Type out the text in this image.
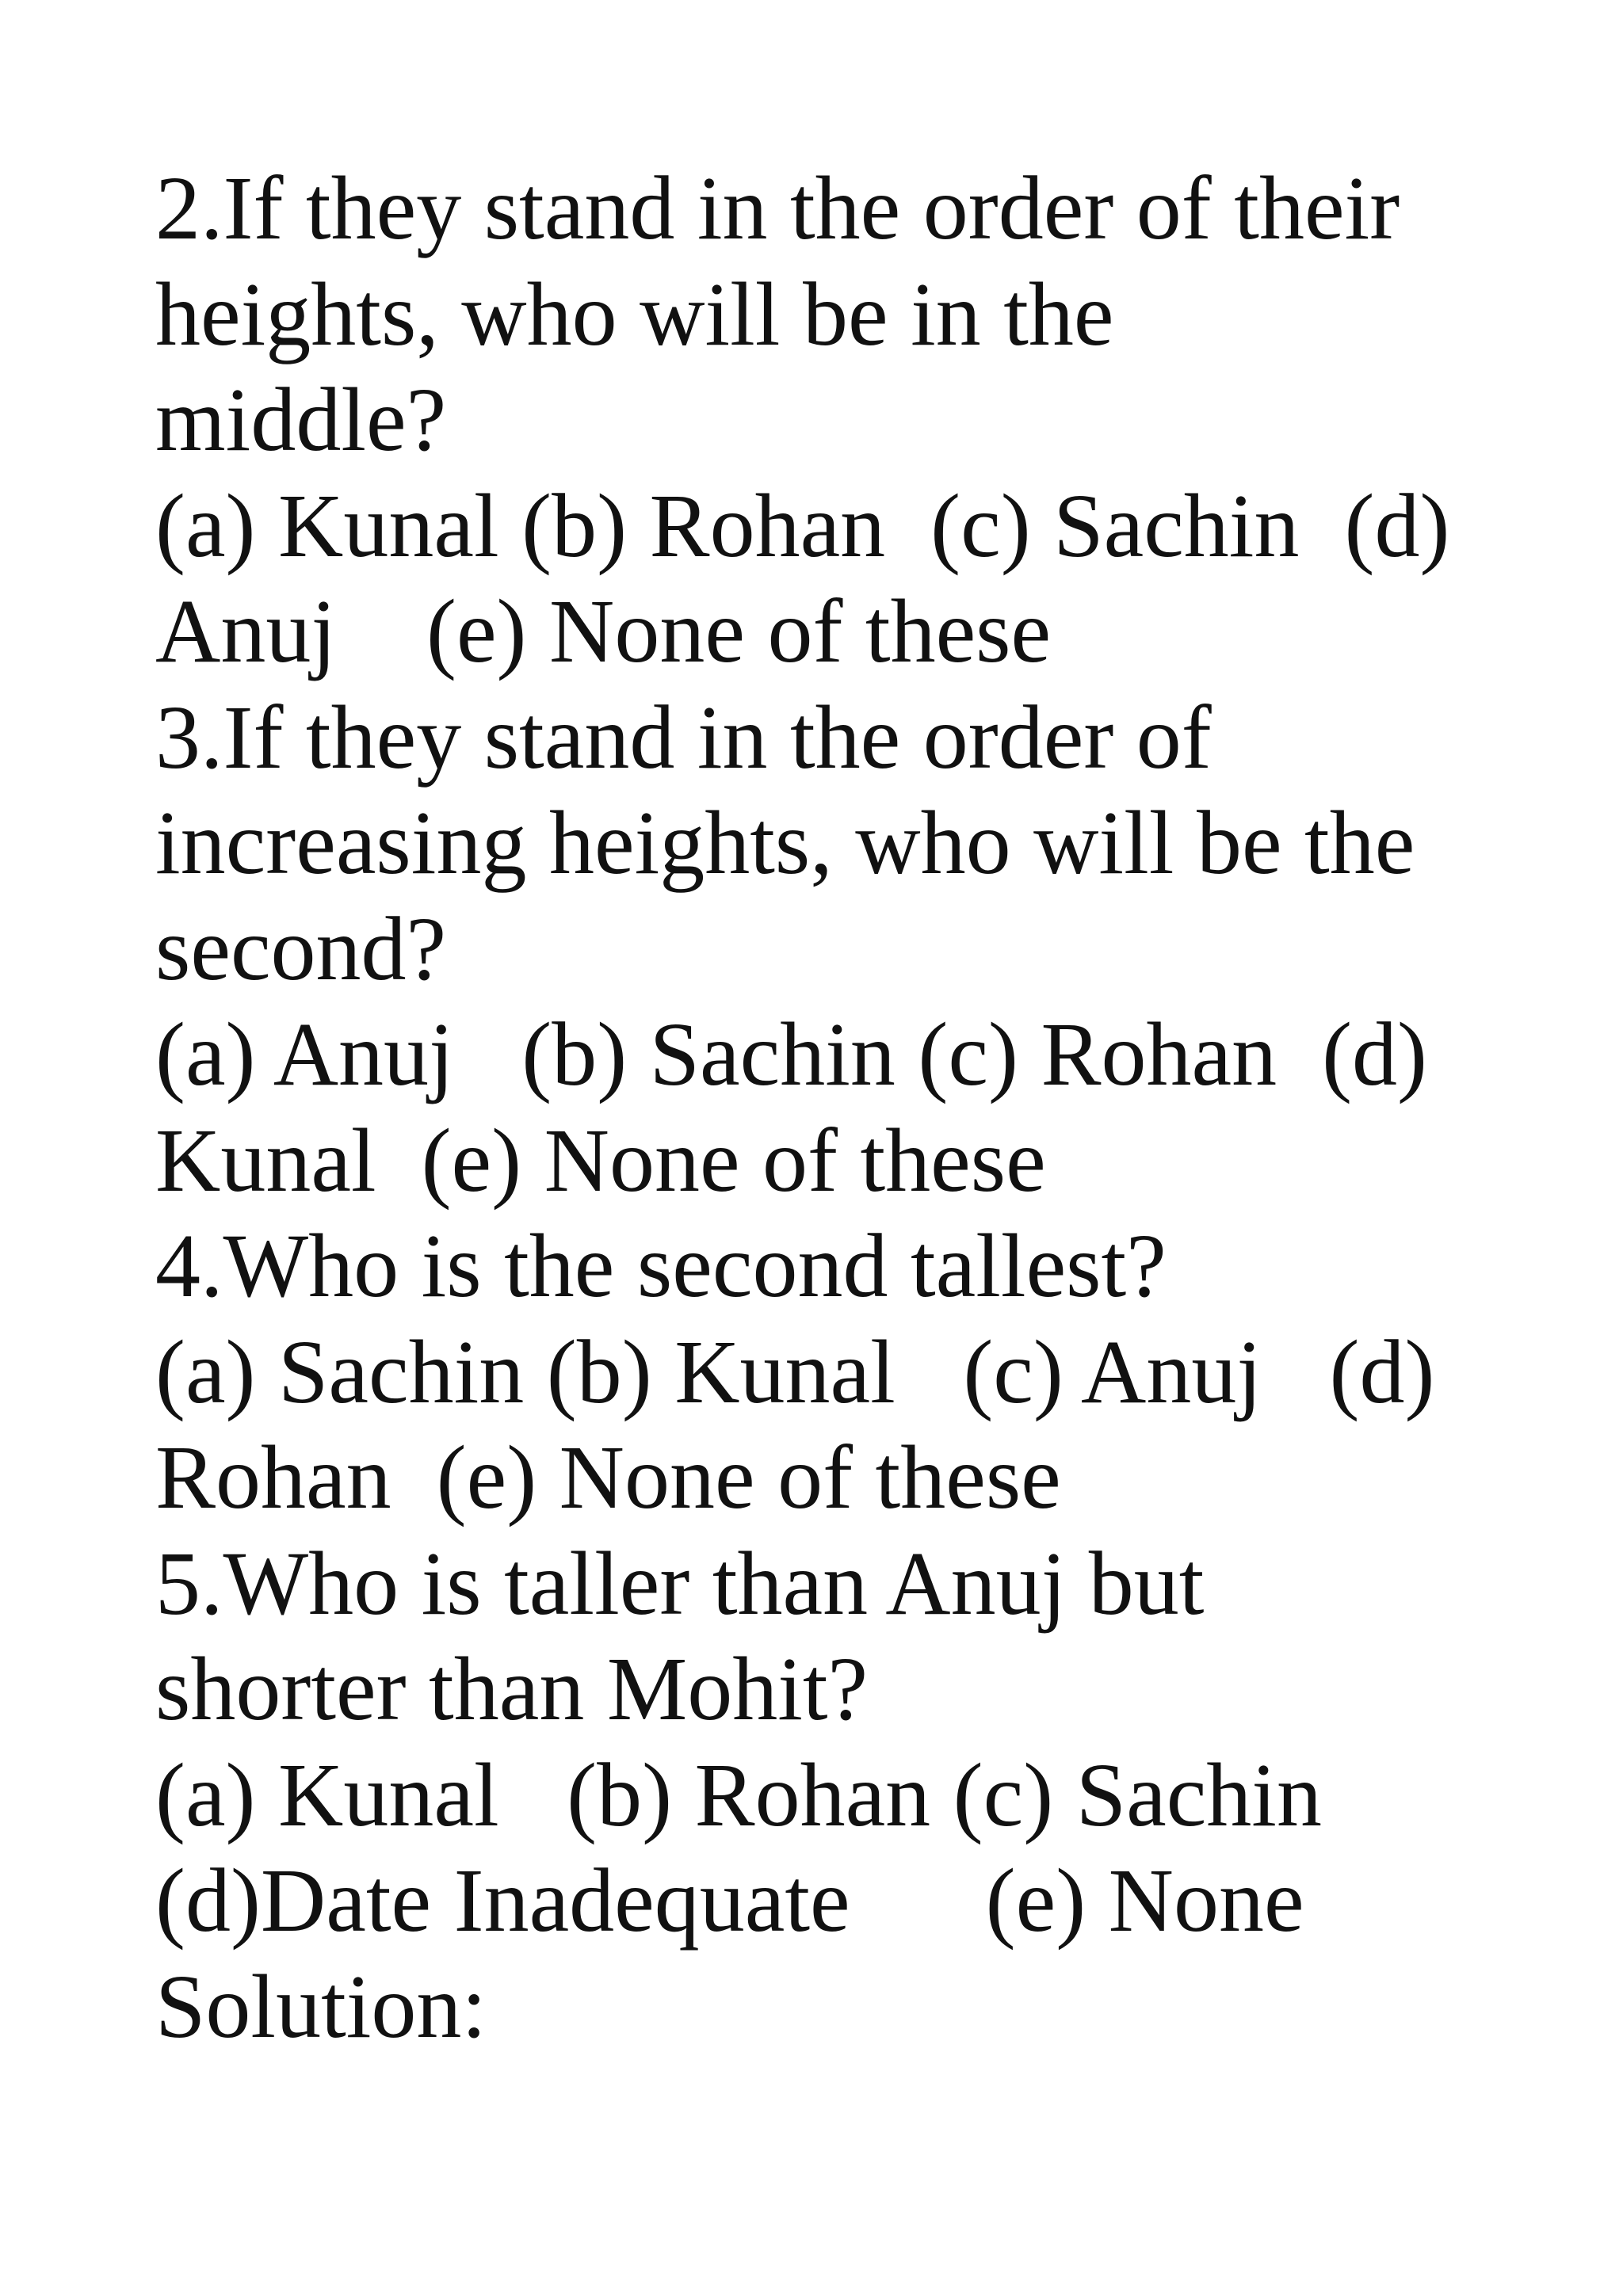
2.If they stand in the order of their
heights, who will be in the
middle?
(a) Kunal (b) Rohan  (c) Sachin  (d)
Anuj    (e) None of these
3.If they stand in the order of
increasing heights, who will be the
second?
(a) Anuj   (b) Sachin (c) Rohan  (d)
Kunal  (e) None of these
4.Who is the second tallest?
(a) Sachin (b) Kunal   (c) Anuj   (d)
Rohan  (e) None of these
5.Who is taller than Anuj but
shorter than Mohit?
(a) Kunal   (b) Rohan (c) Sachin
(d)Date Inadequate      (e) None
Solution:
